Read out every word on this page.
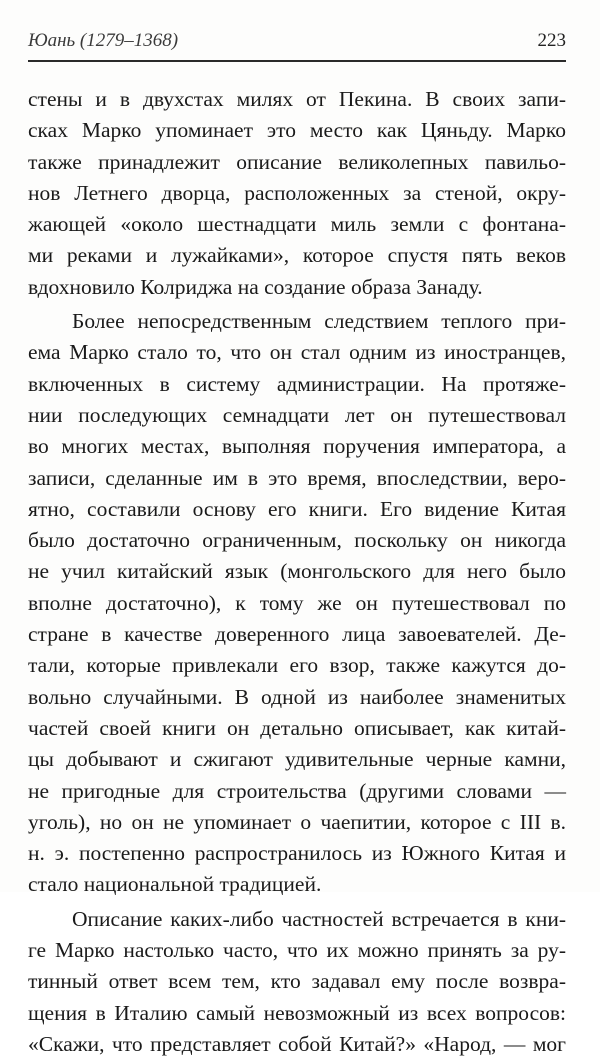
Юань (1279–1368)	223
стены и в двухстах милях от Пекина. В своих запи-
сках Марко упоминает это место как Цяньду. Марко
также принадлежит описание великолепных павильо-
нов Летнего дворца, расположенных за стеной, окру-
жающей «около шестнадцати миль земли с фонтана-
ми реками и лужайками», которое спустя пять веков
вдохновило Колриджа на создание образа Занаду.
Более непосредственным следствием теплого при-
ема Марко стало то, что он стал одним из иностранцев,
включенных в систему администрации. На протяже-
нии последующих семнадцати лет он путешествовал
во многих местах, выполняя поручения императора, а
записи, сделанные им в это время, впоследствии, веро-
ятно, составили основу его книги. Его видение Китая
было достаточно ограниченным, поскольку он никогда
не учил китайский язык (монгольского для него было
вполне достаточно), к тому же он путешествовал по
стране в качестве доверенного лица завоевателей. Де-
тали, которые привлекали его взор, также кажутся до-
вольно случайными. В одной из наиболее знаменитых
частей своей книги он детально описывает, как китай-
цы добывают и сжигают удивительные черные камни,
не пригодные для строительства (другими словами —
уголь), но он не упоминает о чаепитии, которое с III в.
н. э. постепенно распространилось из Южного Китая и
стало национальной традицией.
Описание каких-либо частностей встречается в кни-
ге Марко настолько часто, что их можно принять за ру-
тинный ответ всем тем, кто задавал ему после возвра-
щения в Италию самый невозможный из всех вопросов:
«Скажи, что представляет собой Китай?» «Народ, — мог
